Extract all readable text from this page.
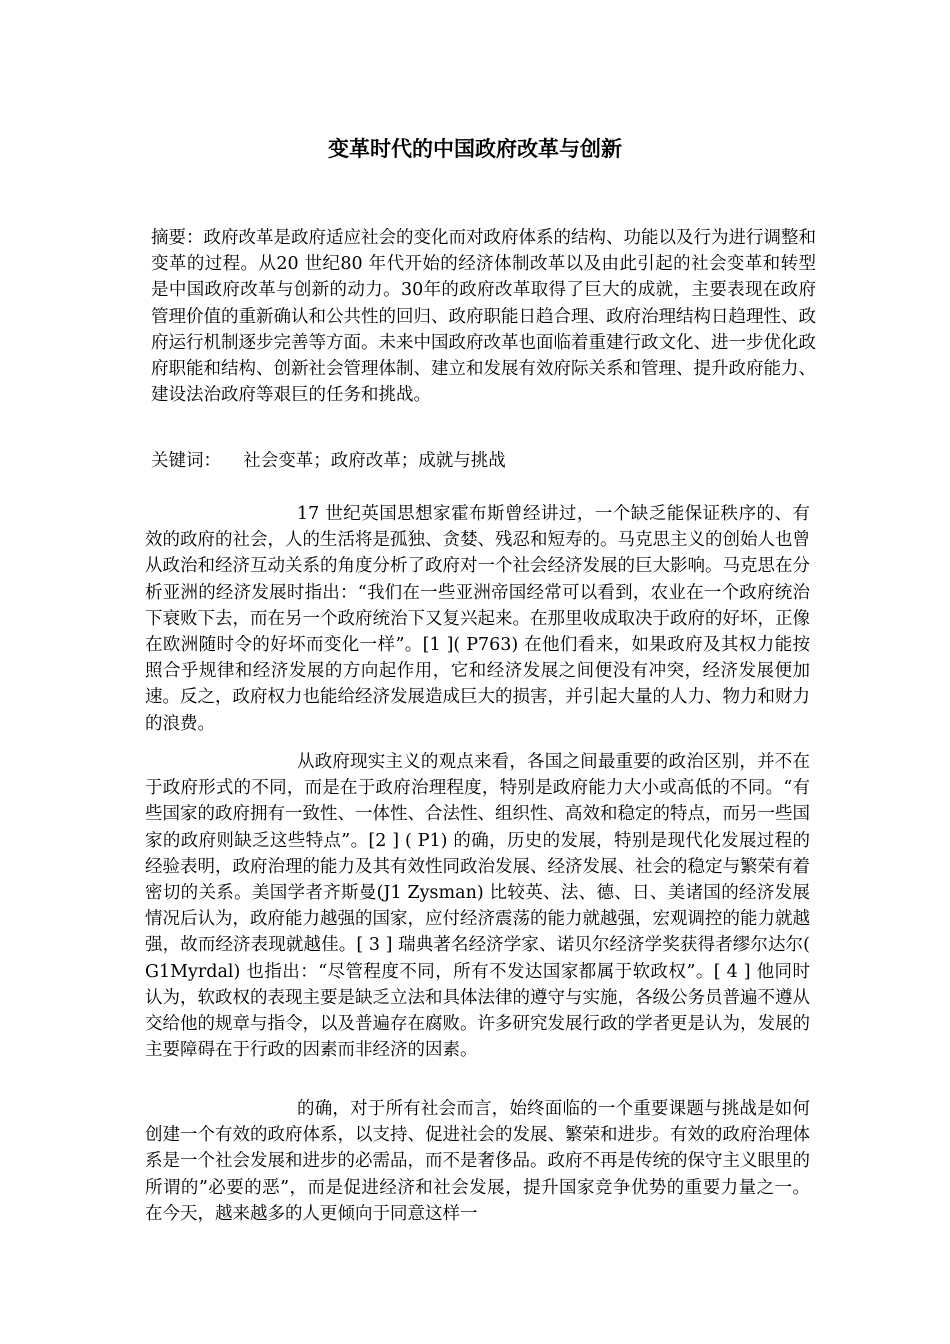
变革时代的中国政府改革与创新

摘要：政府改革是政府适应社会的变化而对政府体系的结构、功能以及行为进行调整和变革的过程。从20 世纪80 年代开始的经济体制改革以及由此引起的社会变革和转型是中国政府改革与创新的动力。30年的政府改革取得了巨大的成就，主要表现在政府管理价值的重新确认和公共性的回归、政府职能日趋合理、政府治理结构日趋理性、政府运行机制逐步完善等方面。未来中国政府改革也面临着重建行政文化、进一步优化政府职能和结构、创新社会管理体制、建立和发展有效府际关系和管理、提升政府能力、建设法治政府等艰巨的任务和挑战。

关键词： 社会变革；政府改革；成就与挑战

17 世纪英国思想家霍布斯曾经讲过，一个缺乏能保证秩序的、有效的政府的社会，人的生活将是孤独、贪婪、残忍和短寿的。马克思主义的创始人也曾从政治和经济互动关系的角度分析了政府对一个社会经济发展的巨大影响。马克思在分析亚洲的经济发展时指出：“我们在一些亚洲帝国经常可以看到，农业在一个政府统治下衰败下去，而在另一个政府统治下又复兴起来。在那里收成取决于政府的好坏，正像在欧洲随时令的好坏而变化一样”。[1 ]( P763) 在他们看来，如果政府及其权力能按照合乎规律和经济发展的方向起作用，它和经济发展之间便没有冲突，经济发展便加速。反之，政府权力也能给经济发展造成巨大的损害，并引起大量的人力、物力和财力的浪费。

从政府现实主义的观点来看，各国之间最重要的政治区别，并不在于政府形式的不同，而是在于政府治理程度，特别是政府能力大小或高低的不同。“有些国家的政府拥有一致性、一体性、合法性、组织性、高效和稳定的特点，而另一些国家的政府则缺乏这些特点”。[2 ] ( P1) 的确，历史的发展，特别是现代化发展过程的经验表明，政府治理的能力及其有效性同政治发展、经济发展、社会的稳定与繁荣有着密切的关系。美国学者齐斯曼(J1 Zysman) 比较英、法、德、日、美诸国的经济发展情况后认为，政府能力越强的国家，应付经济震荡的能力就越强，宏观调控的能力就越强，故而经济表现就越佳。[ 3 ] 瑞典著名经济学家、诺贝尔经济学奖获得者缪尔达尔( G1Myrdal) 也指出：“尽管程度不同，所有不发达国家都属于软政权”。[ 4 ] 他同时认为，软政权的表现主要是缺乏立法和具体法律的遵守与实施，各级公务员普遍不遵从交给他的规章与指令，以及普遍存在腐败。许多研究发展行政的学者更是认为，发展的主要障碍在于行政的因素而非经济的因素。

的确，对于所有社会而言，始终面临的一个重要课题与挑战是如何创建一个有效的政府体系，以支持、促进社会的发展、繁荣和进步。有效的政府治理体系是一个社会发展和进步的必需品，而不是奢侈品。政府不再是传统的保守主义眼里的所谓的”必要的恶”，而是促进经济和社会发展，提升国家竞争优势的重要力量之一。在今天，越来越多的人更倾向于同意这样一
